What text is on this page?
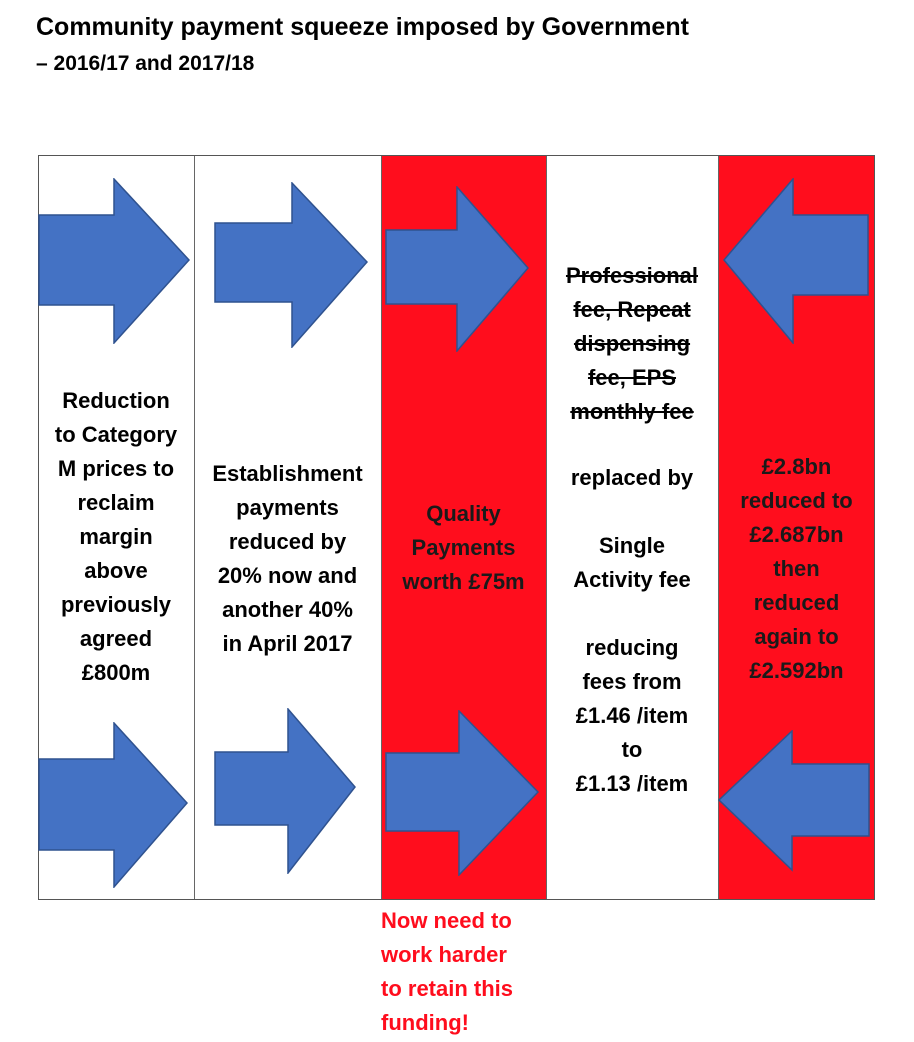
Community payment squeeze imposed by Government
– 2016/17 and 2017/18
Reduction
to Category
M prices to
reclaim
margin
above
previously
agreed
£800m
Establishment
payments
reduced by
20% now and
another 40%
in April 2017
Quality
Payments
worth £75m
Professional
fee, Repeat
dispensing
fee, EPS
monthly fee
replaced by

Single
Activity fee

reducing
fees from
£1.46 /item
to
£1.13 /item
£2.8bn
reduced to
£2.687bn
then
reduced
again to
£2.592bn
Now need to
work harder
to retain this
funding!
